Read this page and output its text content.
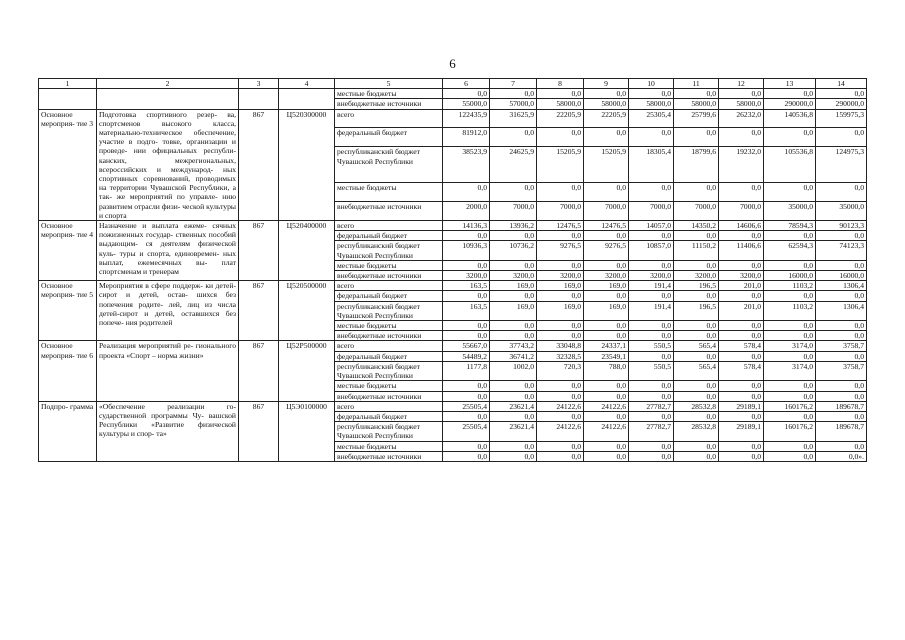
6
1	2	3	4	5	6	7	8	9	10	11	12	13	14
				местные бюджеты	0,0	0,0	0,0	0,0	0,0	0,0	0,0	0,0	0,0
				внебюджетные источники	55000,0	57000,0	58000,0	58000,0	58000,0	58000,0	58000,0	290000,0	290000,0
Основное мероприя- тие 3	Подготовка спортивного резер- ва, спортсменов высокого класса, материально-техническое обеспечение, участие в подго- товке, организации и проведе- нии официальных республи- канских, межрегиональных, всероссийских и международ- ных спортивных соревнований, проводимых на территории Чувашской Республики, а так- же мероприятий по управле- нию развитием отрасли физи- ческой культуры и спорта	867	Ц520300000	всего	122435,9	31625,9	22205,9	22205,9	25305,4	25799,6	26232,0	140536,8	159975,3
				федеральный бюджет	81912,0	0,0	0,0	0,0	0,0	0,0	0,0	0,0	0,0
				республиканский бюджет Чувашской Республики	38523,9	24625,9	15205,9	15205,9	18305,4	18799,6	19232,0	105536,8	124975,3
				местные бюджеты	0,0	0,0	0,0	0,0	0,0	0,0	0,0	0,0	0,0
				внебюджетные источники	2000,0	7000,0	7000,0	7000,0	7000,0	7000,0	7000,0	35000,0	35000,0
Основное мероприя- тие 4	Назначение и выплата ежеме- сячных пожизненных государ- ственных пособий выдающим- ся деятелям физической куль- туры и спорта, единовремен- ных выплат, ежемесячных вы- плат спортсменам и тренерам	867	Ц520400000	всего	14136,3	13936,2	12476,5	12476,5	14057,0	14350,2	14606,6	78594,3	90123,3
				федеральный бюджет	0,0	0,0	0,0	0,0	0,0	0,0	0,0	0,0	0,0
				республиканский бюджет Чувашской Республики	10936,3	10736,2	9276,5	9276,5	10857,0	11150,2	11406,6	62594,3	74123,3
				местные бюджеты	0,0	0,0	0,0	0,0	0,0	0,0	0,0	0,0	0,0
				внебюджетные источники	3200,0	3200,0	3200,0	3200,0	3200,0	3200,0	3200,0	16000,0	16000,0
Основное мероприя- тие 5	Мероприятия в сфере поддерж- ки детей-сирот и детей, остав- шихся без попечения родите- лей, лиц из числа детей-сирот и детей, оставшихся без попече- ния родителей	867	Ц520500000	всего	163,5	169,0	169,0	169,0	191,4	196,5	201,0	1103,2	1306,4
				федеральный бюджет	0,0	0,0	0,0	0,0	0,0	0,0	0,0	0,0	0,0
				республиканский бюджет Чувашской Республики	163,5	169,0	169,0	169,0	191,4	196,5	201,0	1103,2	1306,4
				местные бюджеты	0,0	0,0	0,0	0,0	0,0	0,0	0,0	0,0	0,0
				внебюджетные источники	0,0	0,0	0,0	0,0	0,0	0,0	0,0	0,0	0,0
Основное мероприя- тие 6	Реализация мероприятий ре- гионального проекта «Спорт – норма жизни»	867	Ц52P500000	всего	55667,0	37743,2	33048,8	24337,1	550,5	565,4	578,4	3174,0	3758,7
				федеральный бюджет	54489,2	36741,2	32328,5	23549,1	0,0	0,0	0,0	0,0	0,0
				республиканский бюджет Чувашской Республики	1177,8	1002,0	720,3	788,0	550,5	565,4	578,4	3174,0	3758,7
				местные бюджеты	0,0	0,0	0,0	0,0	0,0	0,0	0,0	0,0	0,0
				внебюджетные источники	0,0	0,0	0,0	0,0	0,0	0,0	0,0	0,0	0,0
Подпро- грамма	«Обеспечение реализации го- сударственной программы Чу- вашской Республики «Развитие физической культуры и спор- та»	867	Ц5Э0100000	всего	25505,4	23621,4	24122,6	24122,6	27782,7	28532,8	29189,1	160176,2	189678,7
				федеральный бюджет	0,0	0,0	0,0	0,0	0,0	0,0	0,0	0,0	0,0
				республиканский бюджет Чувашской Республики	25505,4	23621,4	24122,6	24122,6	27782,7	28532,8	29189,1	160176,2	189678,7
				местные бюджеты	0,0	0,0	0,0	0,0	0,0	0,0	0,0	0,0	0,0
				внебюджетные источники	0,0	0,0	0,0	0,0	0,0	0,0	0,0	0,0	0,0».
